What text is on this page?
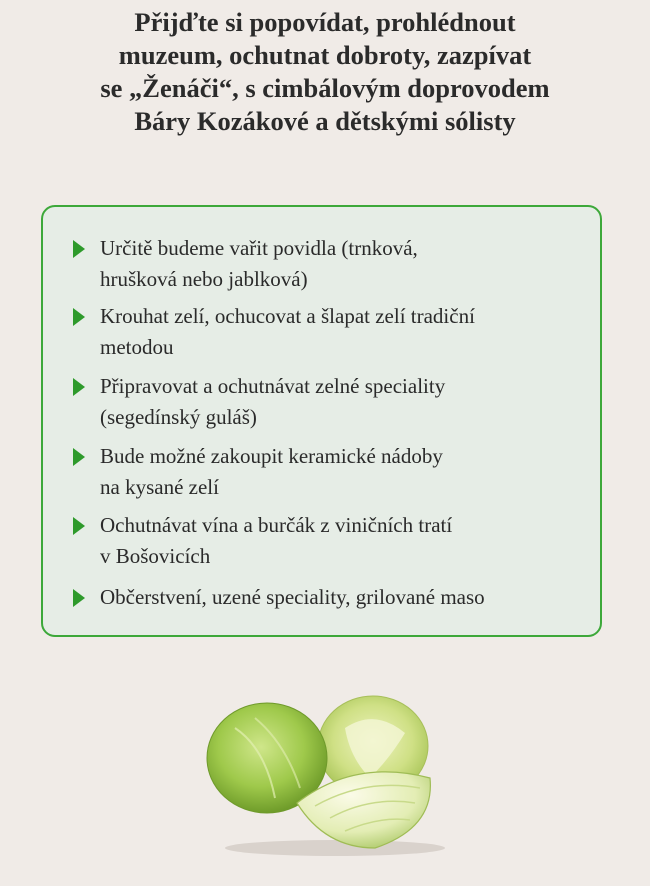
Přijďte si popovídat, prohlédnout
muzeum, ochutnat dobroty, zazpívat
se „Ženáči“, s cimbálovým doprovodem
Báry Kozákové a dětskými sólisty
Určitě budeme vařit povidla (trnková,
hrušková nebo jablková)
Krouhat zelí, ochucovat a šlapat zelí tradiční
metodou
Připravovat a ochutnávat zelné speciality
(segedínský guláš)
Bude možné zakoupit keramické nádoby
na kysané zelí
Ochutnávat vína a burčák z viničních tratí
v Bošovicích
Občerstvení, uzené speciality, grilované maso
